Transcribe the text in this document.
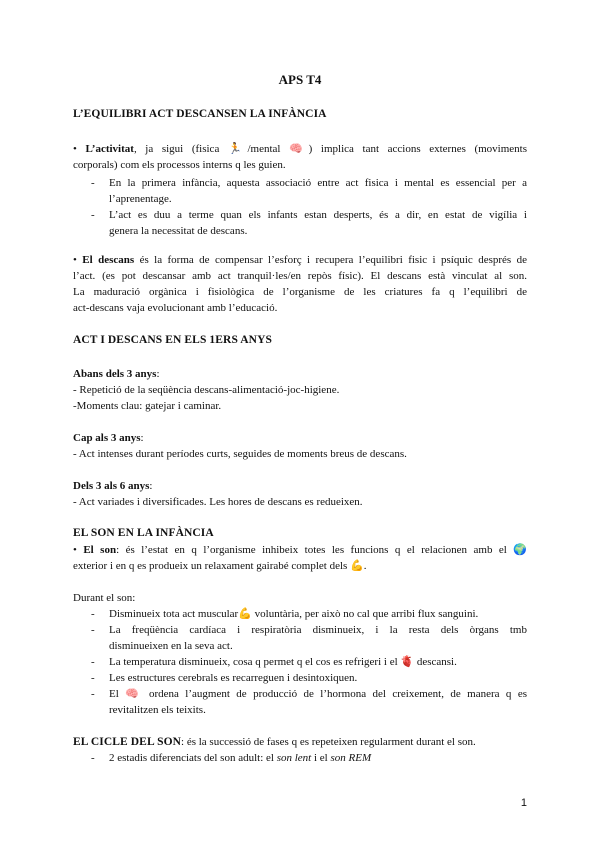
APS T4
L’EQUILIBRI ACT DESCANSEN LA INFÀNCIA
• L’activitat, ja sigui (fisica 🏃/mental 🧠) implica tant accions externes (moviments
corporals) com els processos interns q les guien.
- En la primera infància, aquesta associació entre act fisica i mental es essencial per a
l’aprenentage.
- L’act es duu a terme quan els infants estan desperts, és a dir, en estat de vigília i
genera la necessitat de descans.
• El descans és la forma de compensar l’esforç i recupera l’equilibri fisic i psíquic després de
l’act. (es pot descansar amb act tranquil·les/en repòs físic). El descans està vinculat al son.
La maduració orgànica i fisiològica de l’organisme de les criatures fa q l’equilibri de
act-descans vaja evolucionant amb l’educació.
ACT I DESCANS EN ELS 1ERS ANYS
Abans dels 3 anys:
- Repetició de la seqüència descans-alimentació-joc-higiene.
-Moments clau: gatejar i caminar.
Cap als 3 anys:
- Act intenses durant períodes curts, seguides de moments breus de descans.
Dels 3 als 6 anys:
- Act variades i diversificades. Les hores de descans es redueixen.
EL SON EN LA INFÀNCIA
• El son: és l’estat en q l’organisme inhibeix totes les funcions q el relacionen amb el 🌍
exterior i en q es produeix un relaxament gairabé complet dels 💪.
Durant el son:
- Disminueix tota act muscular💪 voluntària, per això no cal que arribi flux sanguini.
- La freqüència cardíaca i respiratòria disminueix, i la resta dels òrgans tmb
disminueixen en la seva act.
- La temperatura disminueix, cosa q permet q el cos es refrigeri i el 🫀 descansi.
- Les estructures cerebrals es recarreguen i desintoxiquen.
- El 🧠 ordena l’augment de producció de l’hormona del creixement, de manera q es
revitalitzen els teixits.
EL CICLE DEL SON: és la successió de fases q es repeteixen regularment durant el son.
- 2 estadis diferenciats del son adult: el son lent i el son REM
1
